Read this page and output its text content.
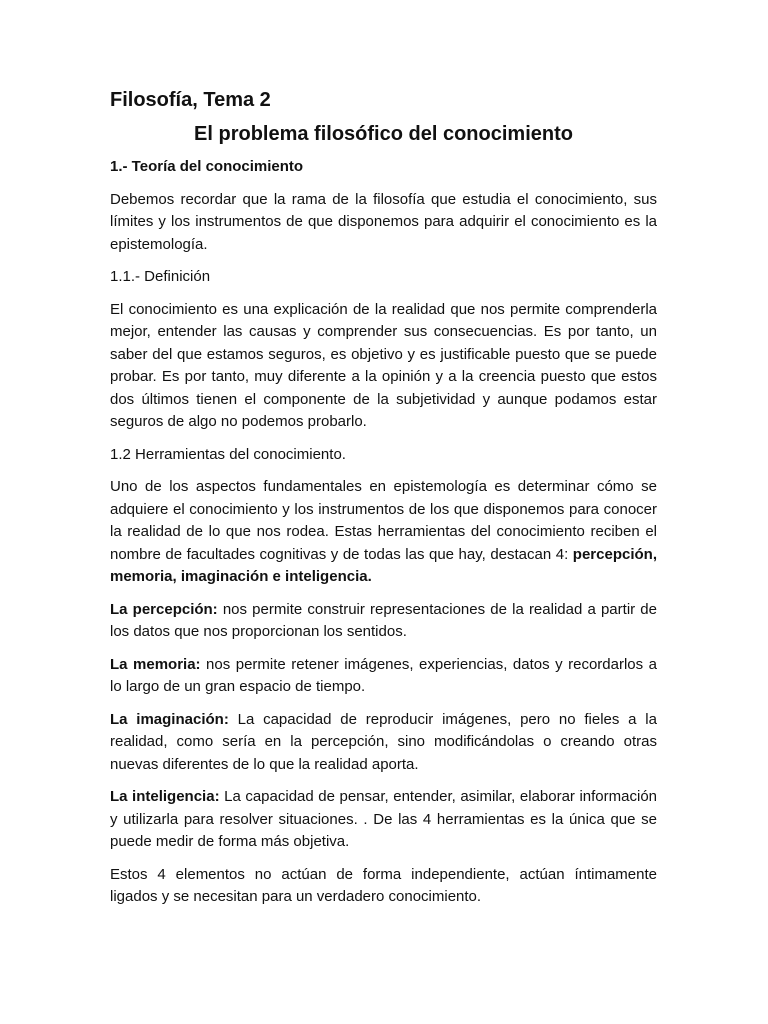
Filosofía, Tema 2
El problema filosófico del conocimiento
1.- Teoría del conocimiento

Debemos recordar que la rama de la filosofía que estudia el conocimiento, sus límites y los instrumentos de que disponemos para adquirir el conocimiento es la epistemología.

1.1.- Definición

El conocimiento es una explicación de la realidad que nos permite comprenderla mejor, entender las causas y comprender sus consecuencias. Es por tanto, un saber del que estamos seguros, es objetivo y es justificable puesto que se puede probar. Es por tanto, muy diferente a la opinión y a la creencia puesto que estos dos últimos tienen el componente de la subjetividad y aunque podamos estar seguros de algo no podemos probarlo.

1.2 Herramientas del conocimiento.

Uno de los aspectos fundamentales en epistemología es determinar cómo se adquiere el conocimiento y los instrumentos de los que disponemos para conocer la realidad de lo que nos rodea. Estas herramientas del conocimiento reciben el nombre de facultades cognitivas y de todas las que hay, destacan 4: percepción, memoria, imaginación e inteligencia.

La percepción: nos permite construir representaciones de la realidad a partir de los datos que nos proporcionan los sentidos.

La memoria: nos permite retener imágenes, experiencias, datos y recordarlos a lo largo de un gran espacio de tiempo.

La imaginación: La capacidad de reproducir imágenes, pero no fieles a la realidad, como sería en la percepción, sino modificándolas o creando otras nuevas diferentes de lo que la realidad aporta.

La inteligencia: La capacidad de pensar, entender, asimilar, elaborar información y utilizarla para resolver situaciones. . De las 4 herramientas es la única que se puede medir de forma más objetiva.

Estos 4 elementos no actúan de forma independiente, actúan íntimamente ligados y se necesitan para un verdadero conocimiento.
